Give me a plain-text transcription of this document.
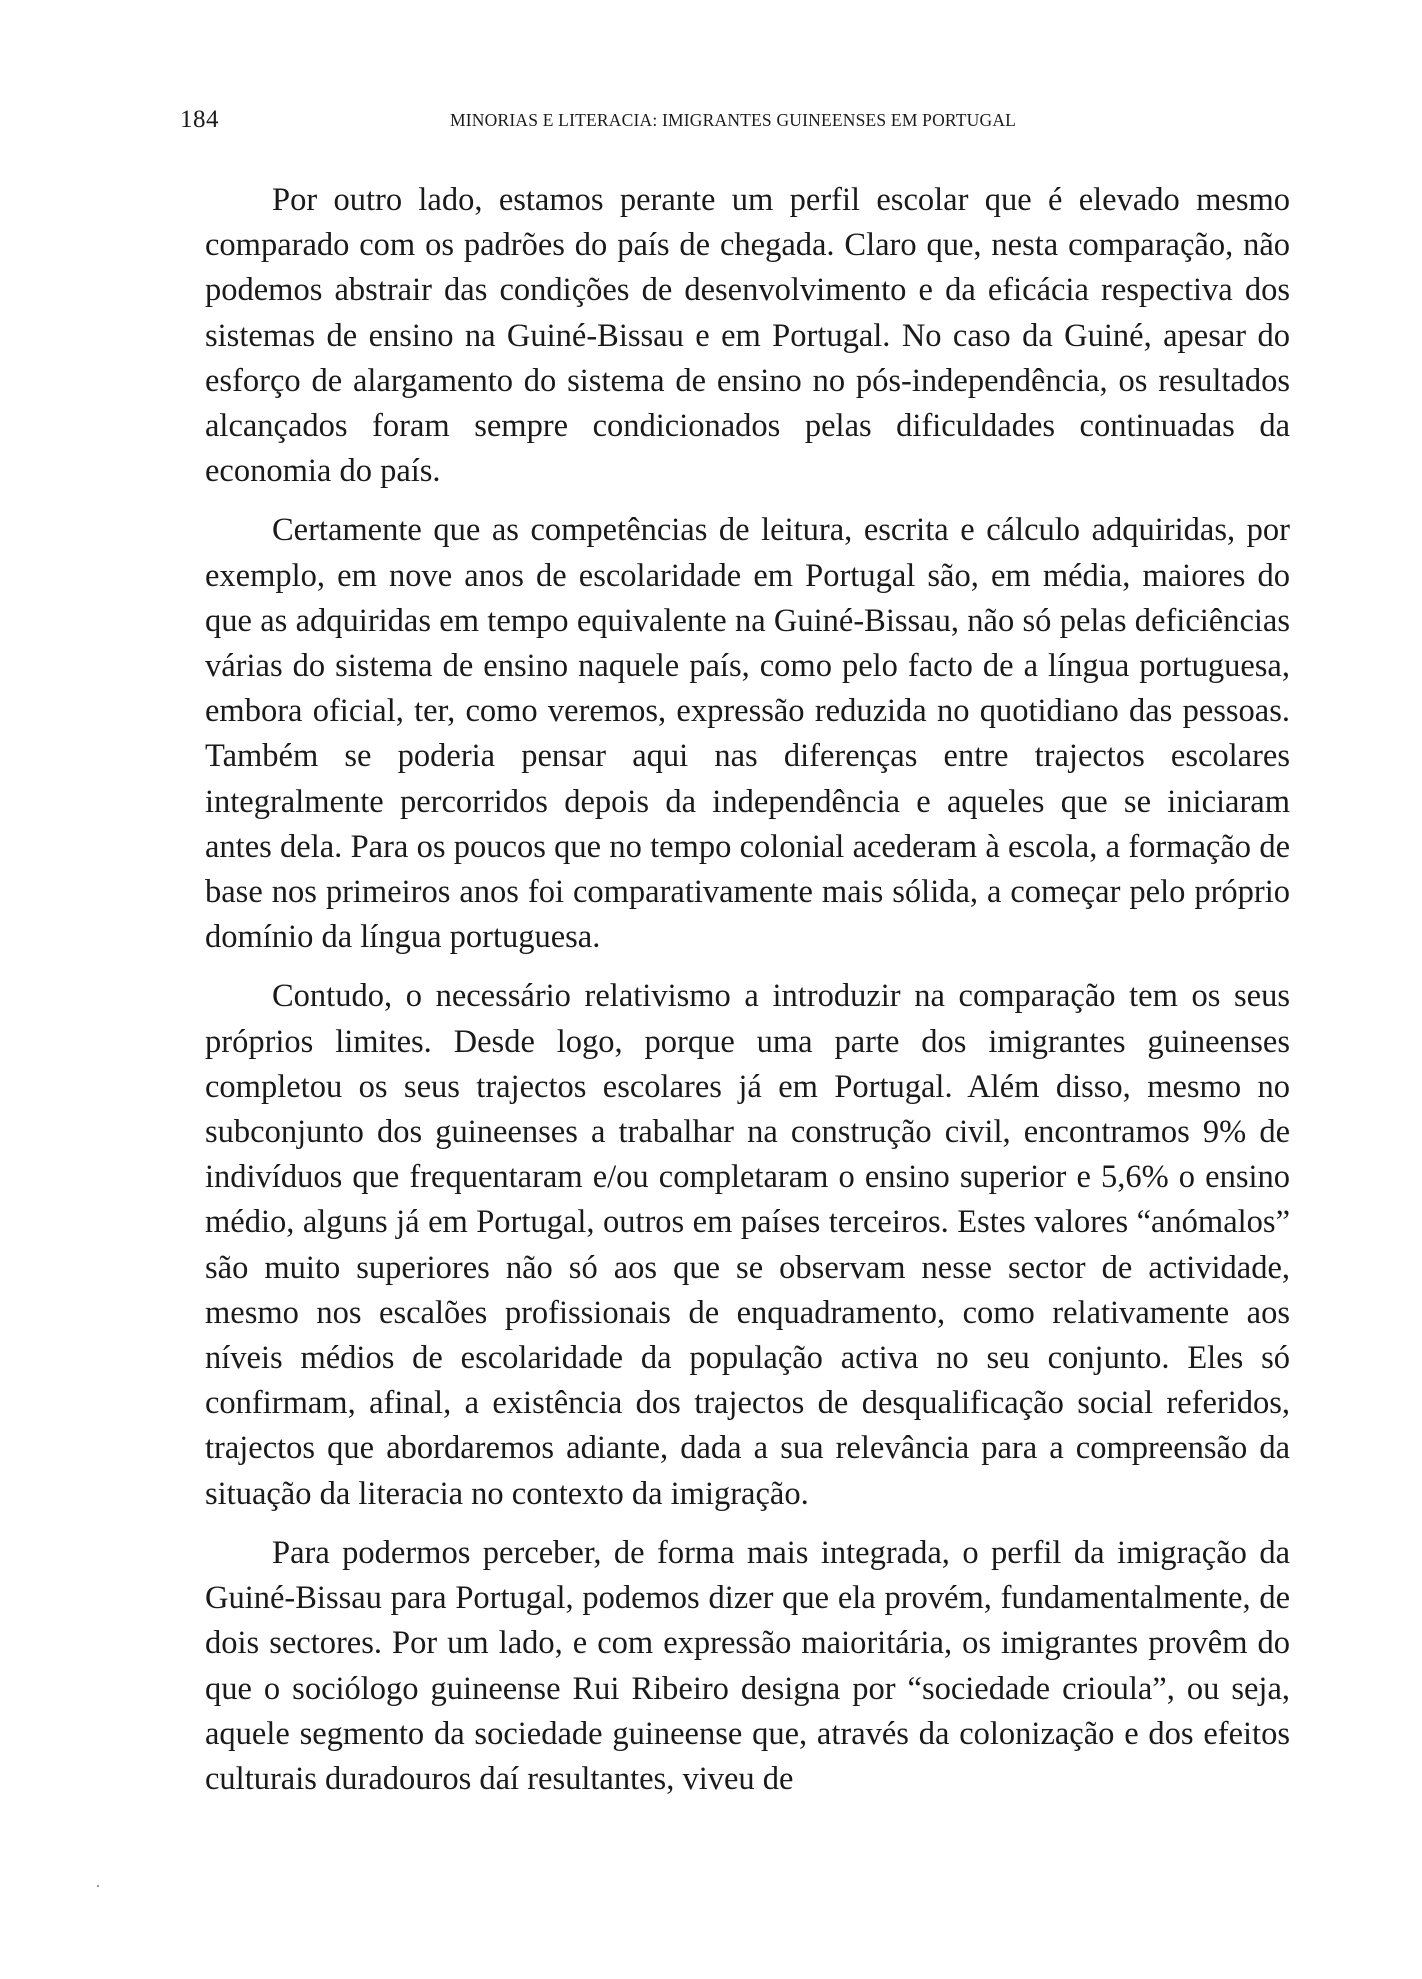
184	MINORIAS E LITERACIA: IMIGRANTES GUINEENSES EM PORTUGAL

Por outro lado, estamos perante um perfil escolar que é elevado mesmo comparado com os padrões do país de chegada. Claro que, nesta comparação, não podemos abstrair das condições de desenvolvimento e da eficácia respectiva dos sistemas de ensino na Guiné-Bissau e em Portugal. No caso da Guiné, apesar do esforço de alargamento do sistema de ensino no pós-independência, os resultados alcançados foram sempre condicionados pelas dificuldades continuadas da economia do país.

Certamente que as competências de leitura, escrita e cálculo adquiridas, por exemplo, em nove anos de escolaridade em Portugal são, em média, maiores do que as adquiridas em tempo equivalente na Guiné-Bissau, não só pelas deficiências várias do sistema de ensino naquele país, como pelo facto de a língua portuguesa, embora oficial, ter, como veremos, expressão reduzida no quotidiano das pessoas. Também se poderia pensar aqui nas diferenças entre trajectos escolares integralmente percorridos depois da independência e aqueles que se iniciaram antes dela. Para os poucos que no tempo colonial acederam à escola, a formação de base nos primeiros anos foi comparativamente mais sólida, a começar pelo próprio domínio da língua portuguesa.

Contudo, o necessário relativismo a introduzir na comparação tem os seus próprios limites. Desde logo, porque uma parte dos imigrantes guineenses completou os seus trajectos escolares já em Portugal. Além disso, mesmo no subconjunto dos guineenses a trabalhar na construção civil, encontramos 9% de indivíduos que frequentaram e/ou completaram o ensino superior e 5,6% o ensino médio, alguns já em Portugal, outros em países terceiros. Estes valores “anómalos” são muito superiores não só aos que se observam nesse sector de actividade, mesmo nos escalões profissionais de enquadramento, como relativamente aos níveis médios de escolaridade da população activa no seu conjunto. Eles só confirmam, afinal, a existência dos trajectos de desqualificação social referidos, trajectos que abordaremos adiante, dada a sua relevância para a compreensão da situação da literacia no contexto da imigração.

Para podermos perceber, de forma mais integrada, o perfil da imigração da Guiné-Bissau para Portugal, podemos dizer que ela provém, fundamentalmente, de dois sectores. Por um lado, e com expressão maioritária, os imigrantes provêm do que o sociólogo guineense Rui Ribeiro designa por “sociedade crioula”, ou seja, aquele segmento da sociedade guineense que, através da colonização e dos efeitos culturais duradouros daí resultantes, viveu de
